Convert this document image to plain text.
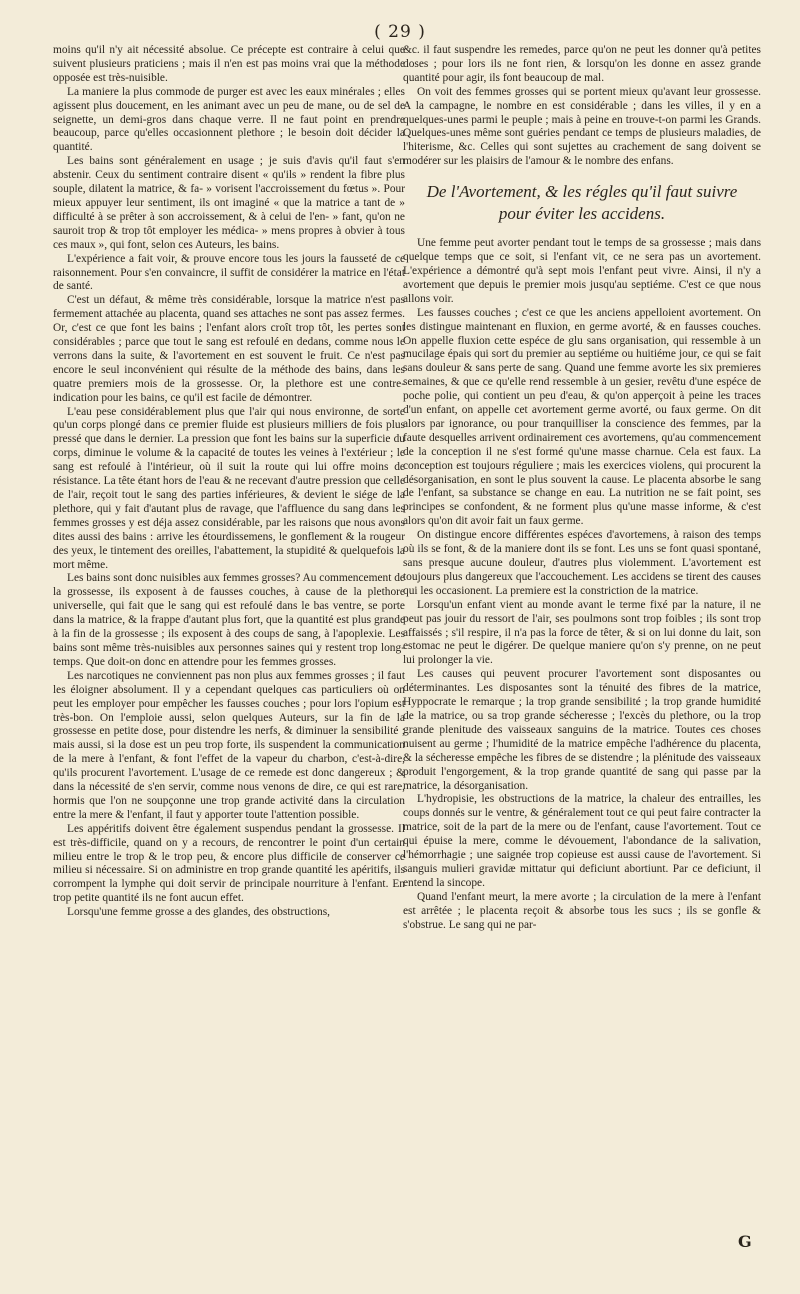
( 29 )

moins qu'il n'y ait nécessité absolue. Ce précepte est contraire à celui que suivent plusieurs praticiens ; mais il n'en est pas moins vrai que la méthode opposée est très-nuisible.

La maniere la plus commode de purger est avec les eaux minérales ; elles agissent plus doucement, en les animant avec un peu de mane, ou de sel de seignette, un demi-gros dans chaque verre. Il ne faut point en prendre beaucoup, parce qu'elles occasionnent plethore ; le besoin doit décider la quantité.

Les bains sont généralement en usage ; je suis d'avis qu'il faut s'en abstenir. Ceux du sentiment contraire disent « qu'ils » rendent la fibre plus souple, dilatent la matrice, & fa- » vorisent l'accroissement du fœtus ». Pour mieux appuyer leur sentiment, ils ont imaginé « que la matrice a tant de » difficulté à se prêter à son accroissement, & à celui de l'en- » fant, qu'on ne sauroit trop & trop tôt employer les médica- » mens propres à obvier à tous ces maux », qui font, selon ces Auteurs, les bains.

L'expérience a fait voir, & prouve encore tous les jours la fausseté de ce raisonnement. Pour s'en convaincre, il suffit de considérer la matrice en l'état de santé.

C'est un défaut, & même très considérable, lorsque la matrice n'est pas fermement attachée au placenta, quand ses attaches ne sont pas assez fermes. Or, c'est ce que font les bains ; l'enfant alors croît trop tôt, les pertes sont considérables ; parce que tout le sang est refoulé en dedans, comme nous le verrons dans la suite, & l'avortement en est souvent le fruit. Ce n'est pas encore le seul inconvénient qui résulte de la méthode des bains, dans les quatre premiers mois de la grossesse. Or, la plethore est une contre-indication pour les bains, ce qu'il est facile de démontrer.

L'eau pese considérablement plus que l'air qui nous environne, de sorte qu'un corps plongé dans ce premier fluide est plusieurs milliers de fois plus pressé que dans le dernier. La pression que font les bains sur la superficie du corps, diminue le volume & la capacité de toutes les veines à l'extérieur ; le sang est refoulé à l'intérieur, où il suit la route qui lui offre moins de résistance. La tête étant hors de l'eau & ne recevant d'autre pression que celle de l'air, reçoit tout le sang des parties inférieures, & devient le siége de la plethore, qui y fait d'autant plus de ravage, que l'affluence du sang dans les femmes grosses y est déja assez considérable, par les raisons que nous avons dites aussi des bains : arrive les étourdissemens, le gonflement & la rougeur des yeux, le tintement des oreilles, l'abattement, la stupidité & quelquefois la mort même.

Les bains sont donc nuisibles aux femmes grosses? Au commencement de la grossesse, ils exposent à de fausses couches, à cause de la plethore universelle, qui fait que le sang qui est refoulé dans le bas ventre, se porte dans la matrice, & la frappe d'autant plus fort, que la quantité est plus grande à la fin de la grossesse ; ils exposent à des coups de sang, à l'apoplexie. Les bains sont même très-nuisibles aux personnes saines qui y restent trop long-temps. Que doit-on donc en attendre pour les femmes grosses.

Les narcotiques ne conviennent pas non plus aux femmes grosses ; il faut les éloigner absolument. Il y a cependant quelques cas particuliers où on peut les employer pour empêcher les fausses couches ; pour lors l'opium est très-bon. On l'emploie aussi, selon quelques Auteurs, sur la fin de la grossesse en petite dose, pour distendre les nerfs, & diminuer la sensibilité ; mais aussi, si la dose est un peu trop forte, ils suspendent la communication de la mere à l'enfant, & font l'effet de la vapeur du charbon, c'est-à-dire, qu'ils procurent l'avortement. L'usage de ce remede est donc dangereux ; & dans la nécessité de s'en servir, comme nous venons de dire, ce qui est rare, hormis que l'on ne soupçonne une trop grande activité dans la circulation entre la mere & l'enfant, il faut y apporter toute l'attention possible.

Les appéritifs doivent être également suspendus pendant la grossesse. Il est très-difficile, quand on y a recours, de rencontrer le point d'un certain milieu entre le trop & le trop peu, & encore plus difficile de conserver ce milieu si nécessaire. Si on administre en trop grande quantité les apéritifs, ils corrompent la lymphe qui doit servir de principale nourriture à l'enfant. En trop petite quantité ils ne font aucun effet.

Lorsqu'une femme grosse a des glandes, des obstructions,

&c. il faut suspendre les remedes, parce qu'on ne peut les donner qu'à petites doses ; pour lors ils ne font rien, & lorsqu'on les donne en assez grande quantité pour agir, ils font beaucoup de mal.

On voit des femmes grosses qui se portent mieux qu'avant leur grossesse. A la campagne, le nombre en est considérable ; dans les villes, il y en a quelques-unes parmi le peuple ; mais à peine en trouve-t-on parmi les Grands. Quelques-unes même sont guéries pendant ce temps de plusieurs maladies, de l'hiterisme, &c. Celles qui sont sujettes au crachement de sang doivent se modérer sur les plaisirs de l'amour & le nombre des enfans.

De l'Avortement, & les régles qu'il faut suivre
pour éviter les accidens.

Une femme peut avorter pendant tout le temps de sa grossesse ; mais dans quelque temps que ce soit, si l'enfant vit, ce ne sera pas un avortement. L'expérience a démontré qu'à sept mois l'enfant peut vivre. Ainsi, il n'y a avortement que depuis le premier mois jusqu'au septiéme. C'est ce que nous allons voir.

Les fausses couches ; c'est ce que les anciens appelloient avortement. On les distingue maintenant en fluxion, en germe avorté, & en fausses couches. On appelle fluxion cette espéce de glu sans organisation, qui ressemble à un mucilage épais qui sort du premier au septiéme ou huitiéme jour, ce qui se fait sans douleur & sans perte de sang. Quand une femme avorte les six premieres semaines, & que ce qu'elle rend ressemble à un gesier, revêtu d'une espéce de poche polie, qui contient un peu d'eau, & qu'on apperçoit à peine les traces d'un enfant, on appelle cet avortement germe avorté, ou faux germe. On dit alors par ignorance, ou pour tranquilliser la conscience des femmes, par la faute desquelles arrivent ordinairement ces avortemens, qu'au commencement de la conception il ne s'est formé qu'une masse charnue. Cela est faux. La conception est toujours réguliere ; mais les exercices violens, qui procurent la désorganisation, en sont le plus souvent la cause. Le placenta absorbe le sang de l'enfant, sa substance se change en eau. La nutrition ne se fait point, ses principes se confondent, & ne forment plus qu'une masse informe, & c'est alors qu'on dit avoir fait un faux germe.

On distingue encore différentes espéces d'avortemens, à raison des temps où ils se font, & de la maniere dont ils se font. Les uns se font quasi spontané, sans presque aucune douleur, d'autres plus violemment. L'avortement est toujours plus dangereux que l'accouchement. Les accidens se tirent des causes qui les occasionent. La premiere est la constriction de la matrice.

Lorsqu'un enfant vient au monde avant le terme fixé par la nature, il ne peut pas jouir du ressort de l'air, ses poulmons sont trop foibles ; ils sont trop affaissés ; s'il respire, il n'a pas la force de têter, & si on lui donne du lait, son estomac ne peut le digérer. De quelque maniere qu'on s'y prenne, on ne peut lui prolonger la vie.

Les causes qui peuvent procurer l'avortement sont disposantes ou déterminantes. Les disposantes sont la ténuité des fibres de la matrice, Hyppocrate le remarque ; la trop grande sensibilité ; la trop grande humidité de la matrice, ou sa trop grande sécheresse ; l'excès du plethore, ou la trop grande plenitude des vaisseaux sanguins de la matrice. Toutes ces choses nuisent au germe ; l'humidité de la matrice empêche l'adhérence du placenta, & la sécheresse empêche les fibres de se distendre ; la plénitude des vaisseaux produit l'engorgement, & la trop grande quantité de sang qui passe par la matrice, la désorganisation.

L'hydropisie, les obstructions de la matrice, la chaleur des entrailles, les coups donnés sur le ventre, & généralement tout ce qui peut faire contracter la matrice, soit de la part de la mere ou de l'enfant, cause l'avortement. Tout ce qui épuise la mere, comme le dévouement, l'abondance de la salivation, l'hémorrhagie ; une saignée trop copieuse est aussi cause de l'avortement. Si sanguis mulieri gravidæ mittatur qui deficiunt abortiunt. Par ce deficiunt, il entend la sincope.

Quand l'enfant meurt, la mere avorte ; la circulation de la mere à l'enfant est arrêtée ; le placenta reçoit & absorbe tous les sucs ; ils se gonfle & s'obstrue. Le sang qui ne par-

G
